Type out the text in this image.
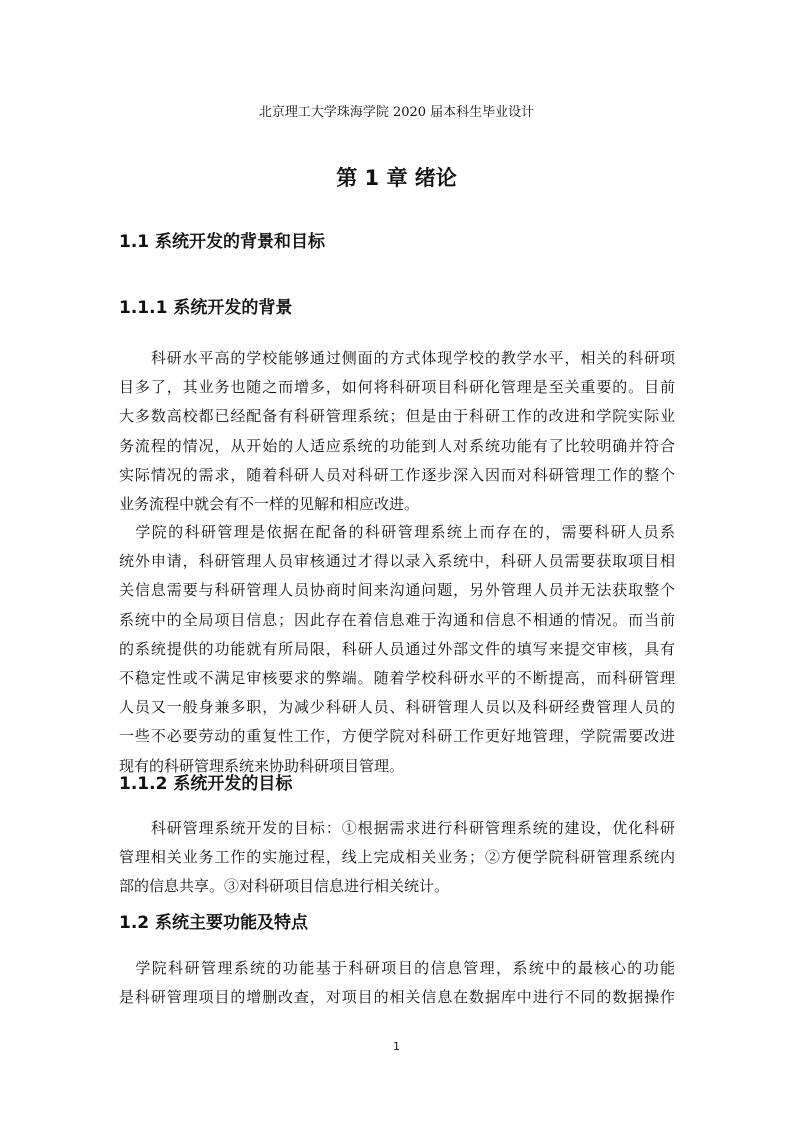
北京理工大学珠海学院 2020 届本科生毕业设计
第 1 章 绪论
1.1 系统开发的背景和目标
1.1.1 系统开发的背景
　　科研水平高的学校能够通过侧面的方式体现学校的教学水平，相关的科研项
目多了，其业务也随之而增多，如何将科研项目科研化管理是至关重要的。目前
大多数高校都已经配备有科研管理系统；但是由于科研工作的改进和学院实际业
务流程的情况，从开始的人适应系统的功能到人对系统功能有了比较明确并符合
实际情况的需求，随着科研人员对科研工作逐步深入因而对科研管理工作的整个
业务流程中就会有不一样的见解和相应改进。
　学院的科研管理是依据在配备的科研管理系统上而存在的，需要科研人员系
统外申请，科研管理人员审核通过才得以录入系统中，科研人员需要获取项目相
关信息需要与科研管理人员协商时间来沟通问题，另外管理人员并无法获取整个
系统中的全局项目信息；因此存在着信息难于沟通和信息不相通的情况。而当前
的系统提供的功能就有所局限，科研人员通过外部文件的填写来提交审核，具有
不稳定性或不满足审核要求的弊端。随着学校科研水平的不断提高，而科研管理
人员又一般身兼多职，为减少科研人员、科研管理人员以及科研经费管理人员的
一些不必要劳动的重复性工作，方便学院对科研工作更好地管理，学院需要改进
现有的科研管理系统来协助科研项目管理。
1.1.2 系统开发的目标
　　科研管理系统开发的目标：①根据需求进行科研管理系统的建设，优化科研
管理相关业务工作的实施过程，线上完成相关业务；②方便学院科研管理系统内
部的信息共享。③对科研项目信息进行相关统计。
1.2 系统主要功能及特点
　学院科研管理系统的功能基于科研项目的信息管理，系统中的最核心的功能
是科研管理项目的增删改查，对项目的相关信息在数据库中进行不同的数据操作
1
